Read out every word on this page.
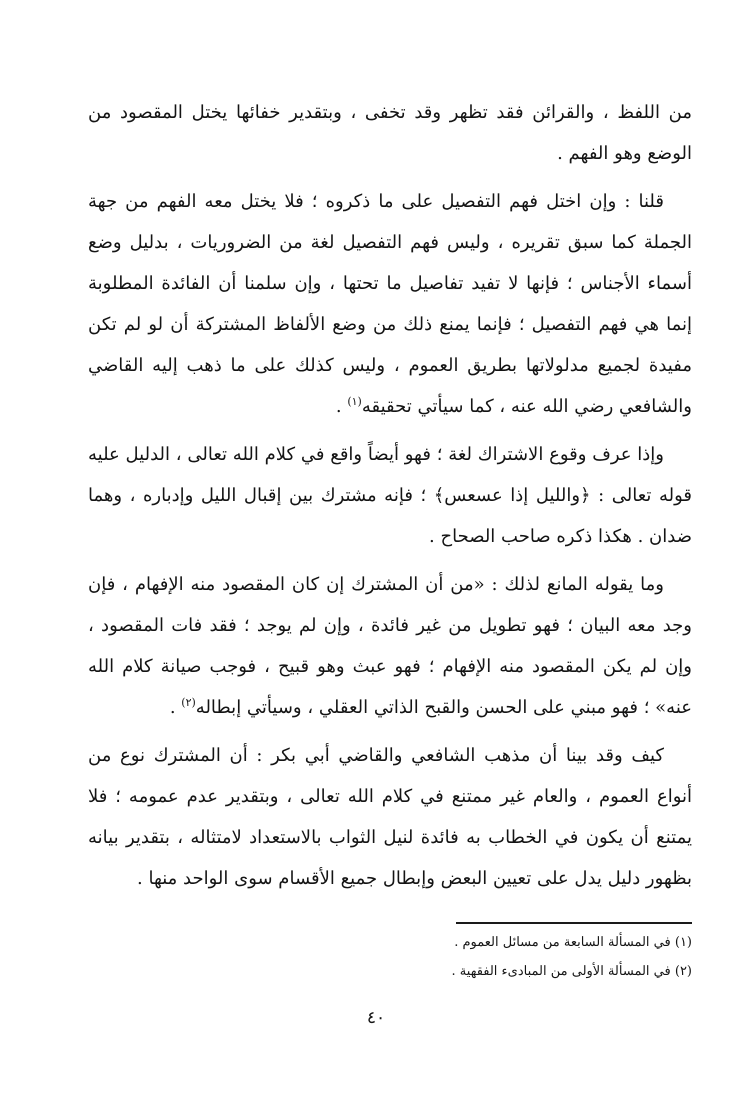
من اللفظ ، والقرائن فقد تظهر وقد تخفى ، وبتقدير خفائها يختل المقصود من الوضع وهو الفهم .

قلنا : وإن اختل فهم التفصيل على ما ذكروه ؛ فلا يختل معه الفهم من جهة الجملة كما سبق تقريره ، وليس فهم التفصيل لغة من الضروريات ، بدليل وضع أسماء الأجناس ؛ فإنها لا تفيد تفاصيل ما تحتها ، وإن سلمنا أن الفائدة المطلوبة إنما هي فهم التفصيل ؛ فإنما يمنع ذلك من وضع الألفاظ المشتركة أن لو لم تكن مفيدة لجميع مدلولاتها بطريق العموم ، وليس كذلك على ما ذهب إليه القاضي والشافعي رضي الله عنه ، كما سيأتي تحقيقه$^{(١)}$ .

وإذا عرف وقوع الاشتراك لغة ؛ فهو أيضاً واقع في كلام الله تعالى ، الدليل عليه قوله تعالى : ﴿والليل إذا عسعس﴾ ؛ فإنه مشترك بين إقبال الليل وإدباره ، وهما ضدان . هكذا ذكره صاحب الصحاح .

وما يقوله المانع لذلك : «من أن المشترك إن كان المقصود منه الإفهام ، فإن وجد معه البيان ؛ فهو تطويل من غير فائدة ، وإن لم يوجد ؛ فقد فات المقصود ، وإن لم يكن المقصود منه الإفهام ؛ فهو عبث وهو قبيح ، فوجب صيانة كلام الله عنه» ؛ فهو مبني على الحسن والقبح الذاتي العقلي ، وسيأتي إبطاله$^{(٢)}$ .

كيف وقد بينا أن مذهب الشافعي والقاضي أبي بكر : أن المشترك نوع من أنواع العموم ، والعام غير ممتنع في كلام الله تعالى ، وبتقدير عدم عمومه ؛ فلا يمتنع أن يكون في الخطاب به فائدة لنيل الثواب بالاستعداد لامتثاله ، بتقدير بيانه بظهور دليل يدل على تعيين البعض وإبطال جميع الأقسام سوى الواحد منها .

(١) في المسألة السابعة من مسائل العموم .

(٢) في المسألة الأولى من المبادىء الفقهية .

٤٠
